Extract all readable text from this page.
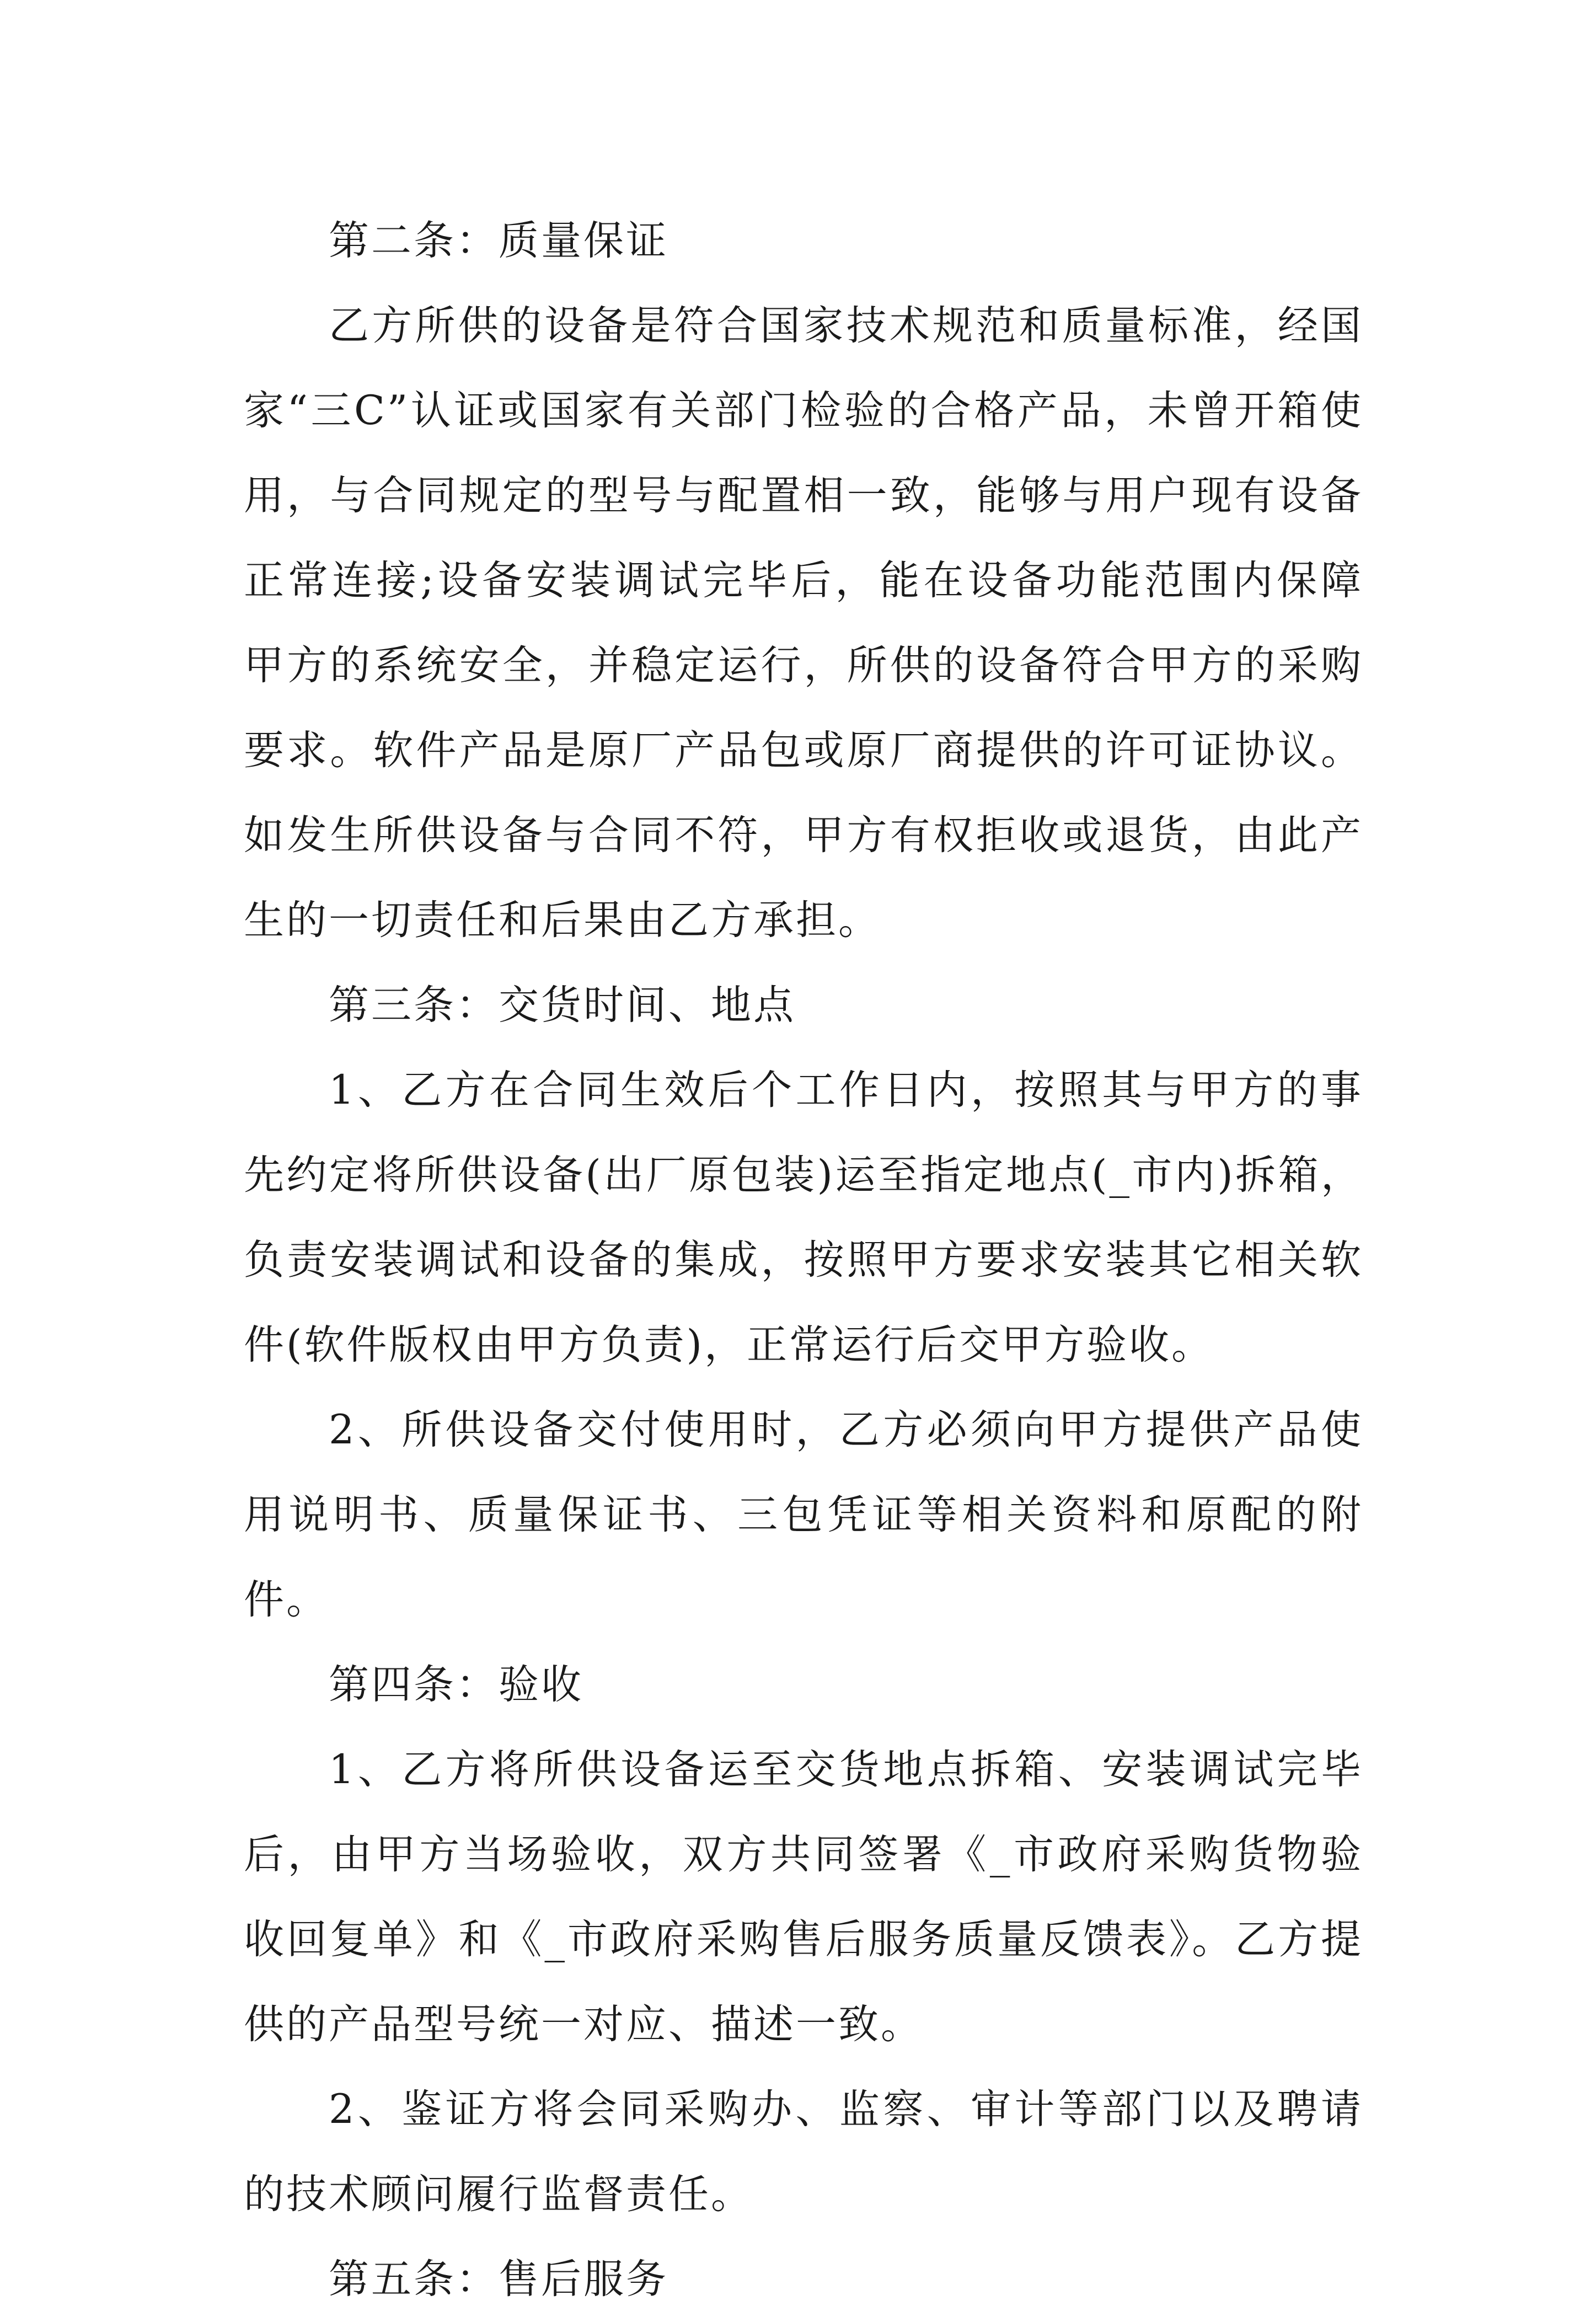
第二条：质量保证

乙方所供的设备是符合国家技术规范和质量标准，经国家“三C”认证或国家有关部门检验的合格产品，未曾开箱使用，与合同规定的型号与配置相一致，能够与用户现有设备正常连接;设备安装调试完毕后，能在设备功能范围内保障甲方的系统安全，并稳定运行，所供的设备符合甲方的采购要求。软件产品是原厂产品包或原厂商提供的许可证协议。如发生所供设备与合同不符，甲方有权拒收或退货，由此产生的一切责任和后果由乙方承担。

第三条：交货时间、地点

1、乙方在合同生效后个工作日内，按照其与甲方的事先约定将所供设备(出厂原包装)运至指定地点(_市内)拆箱，负责安装调试和设备的集成，按照甲方要求安装其它相关软件(软件版权由甲方负责)，正常运行后交甲方验收。

2、所供设备交付使用时，乙方必须向甲方提供产品使用说明书、质量保证书、三包凭证等相关资料和原配的附件。

第四条：验收

1、乙方将所供设备运至交货地点拆箱、安装调试完毕后，由甲方当场验收，双方共同签署《_市政府采购货物验收回复单》和《_市政府采购售后服务质量反馈表》。乙方提供的产品型号统一对应、描述一致。

2、鉴证方将会同采购办、监察、审计等部门以及聘请的技术顾问履行监督责任。

第五条：售后服务
